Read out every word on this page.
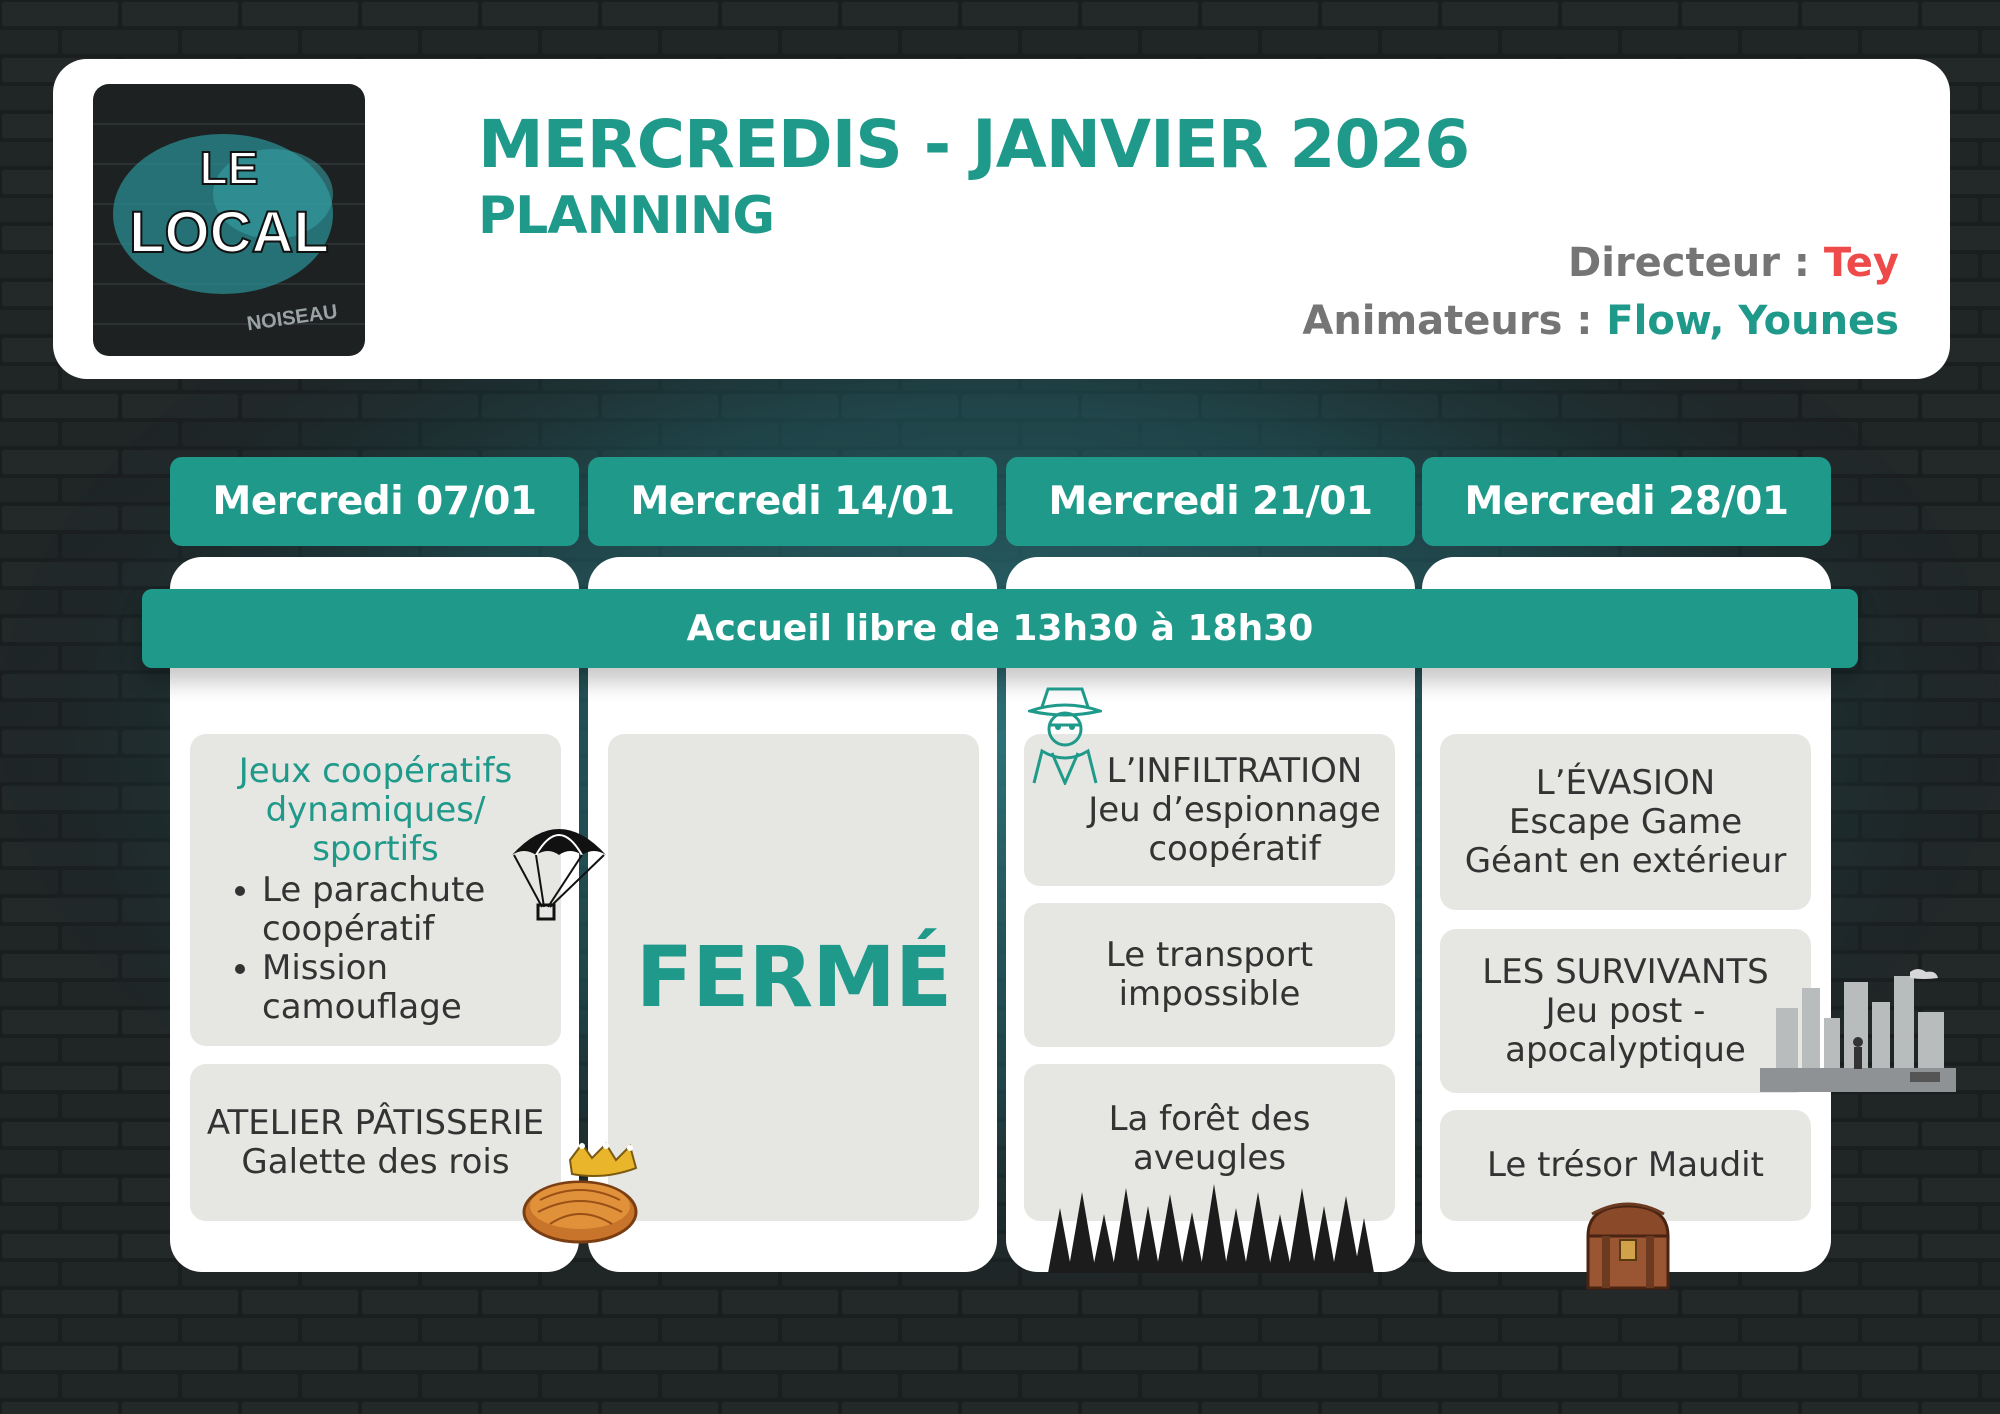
LE
LOCAL
NOISEAU
MERCREDIS - JANVIER 2026
PLANNING
Directeur : Tey
Animateurs : Flow, Younes
Mercredi 07/01	Mercredi 14/01	Mercredi 21/01	Mercredi 28/01
Accueil libre de 13h30 à 18h30
Jeux coopératifs dynamiques/ sportifs
• Le parachute coopératif
• Mission camouflage
ATELIER PÂTISSERIE
Galette des rois
FERMÉ
L’INFILTRATION
Jeu d’espionnage
coopératif
Le transport
impossible
La forêt des
aveugles
L’ÉVASION
Escape Game
Géant en extérieur
LES SURVIVANTS
Jeu post -
apocalyptique
Le trésor Maudit
